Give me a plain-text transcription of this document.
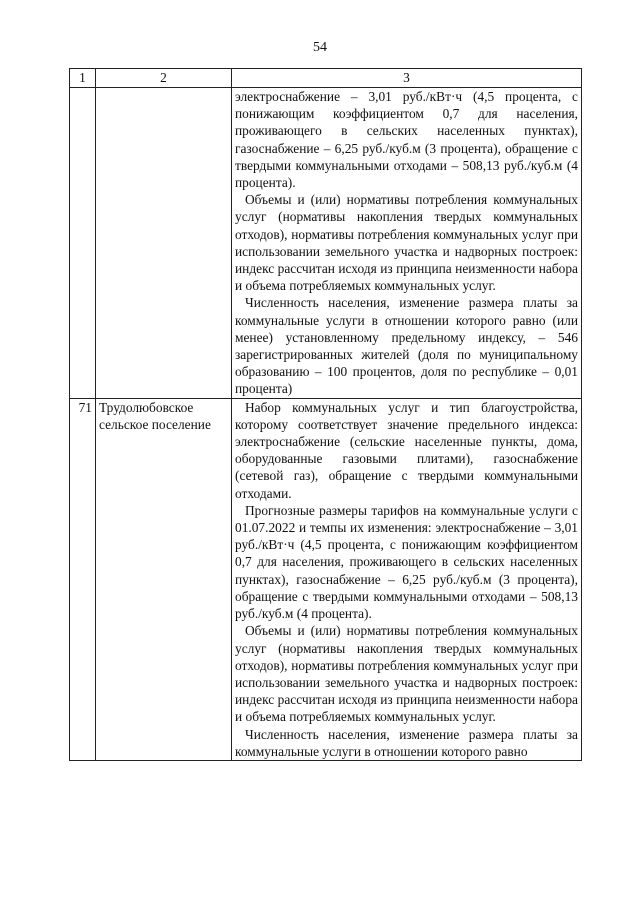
54
1	2	3

		электроснабжение – 3,01 руб./кВт·ч (4,5 процента, с понижающим коэффициентом 0,7 для населения, проживающего в сельских населенных пунктах), газоснабжение – 6,25 руб./куб.м (3 процента), обращение с твердыми коммунальными отходами – 508,13 руб./куб.м (4 процента).

Объемы и (или) нормативы потребления коммунальных услуг (нормативы накопления твердых коммунальных отходов), нормативы потребления коммунальных услуг при использовании земельного участка и надворных построек: индекс рассчитан исходя из принципа неизменности набора и объема потребляемых коммунальных услуг.

Численность населения, изменение размера платы за коммунальные услуги в отношении которого равно (или менее) установленному предельному индексу, – 546 зарегистрированных жителей (доля по муниципальному образованию – 100 процентов, доля по республике – 0,01 процента)

71	Трудолюбовское сельское поселение	Набор коммунальных услуг и тип благоустройства, которому соответствует значение предельного индекса: электроснабжение (сельские населенные пункты, дома, оборудованные газовыми плитами), газоснабжение (сетевой газ), обращение с твердыми коммунальными отходами.

Прогнозные размеры тарифов на коммунальные услуги с 01.07.2022 и темпы их изменения: электроснабжение – 3,01 руб./кВт·ч (4,5 процента, с понижающим коэффициентом 0,7 для населения, проживающего в сельских населенных пунктах), газоснабжение – 6,25 руб./куб.м (3 процента), обращение с твердыми коммунальными отходами – 508,13 руб./куб.м (4 процента).

Объемы и (или) нормативы потребления коммунальных услуг (нормативы накопления твердых коммунальных отходов), нормативы потребления коммунальных услуг при использовании земельного участка и надворных построек: индекс рассчитан исходя из принципа неизменности набора и объема потребляемых коммунальных услуг.

Численность населения, изменение размера платы за коммунальные услуги в отношении которого равно
